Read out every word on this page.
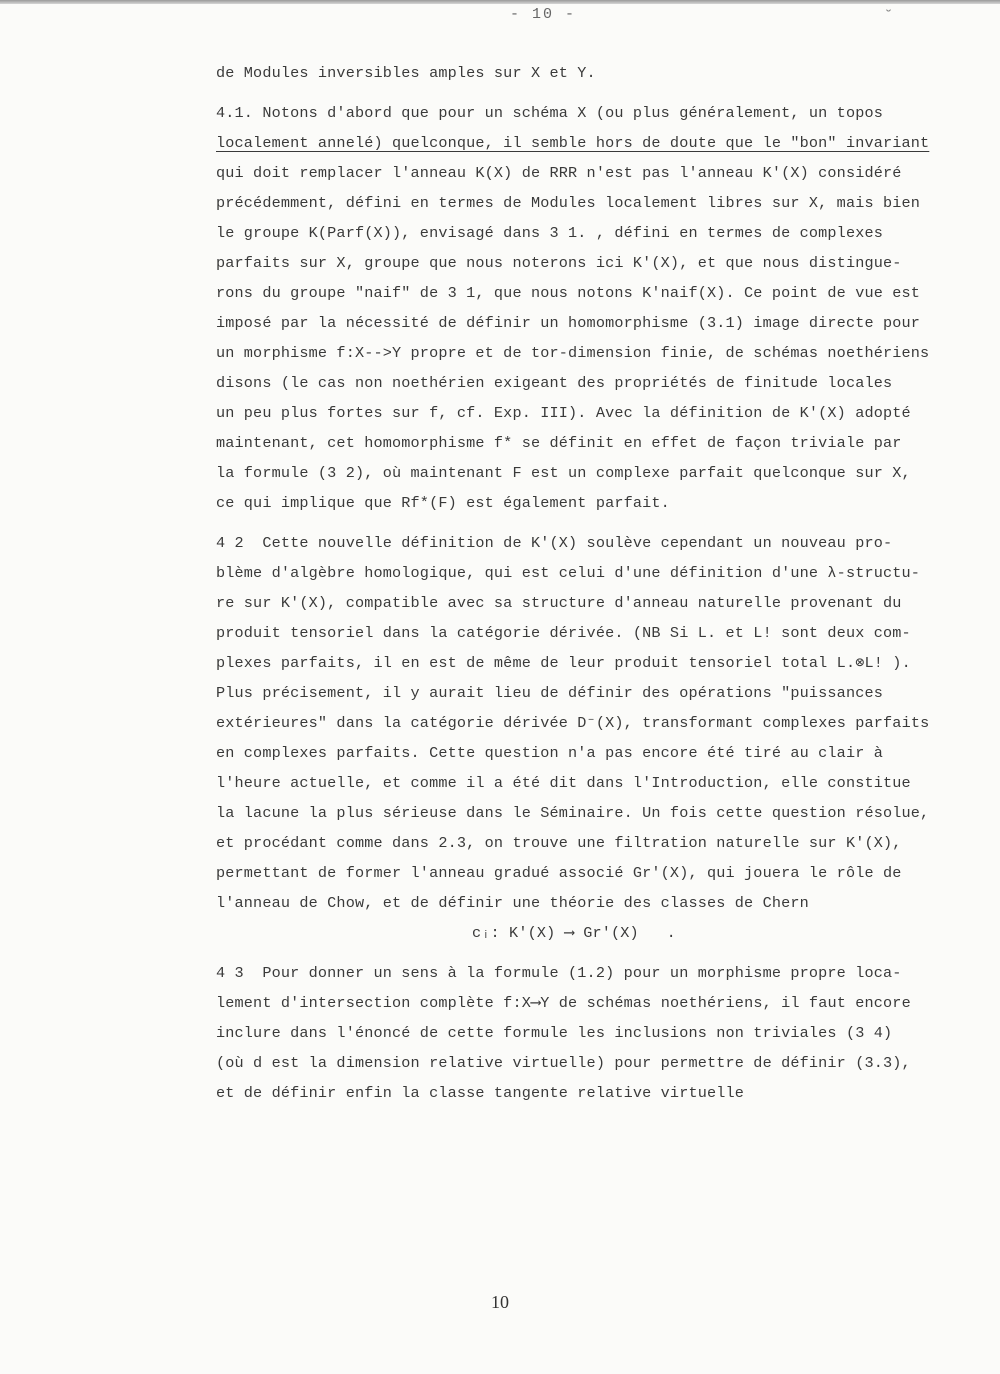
- 10 -	˘
de Modules inversibles amples sur X et Y.
4.1. Notons d'abord que pour un schéma X (ou plus généralement, un topos
localement annelé) quelconque, il semble hors de doute que le "bon" invariant
qui doit remplacer l'anneau K(X) de RRR n'est pas l'anneau K'(X) considéré
précédemment, défini en termes de Modules localement libres sur X, mais bien
le groupe K(Parf(X)), envisagé dans 3 1. , défini en termes de complexes
parfaits sur X, groupe que nous noterons ici K'(X), et que nous distingue-
rons du groupe "naif" de 3 1, que nous notons K'naif(X). Ce point de vue est
imposé par la nécessité de définir un homomorphisme (3.1) image directe pour
un morphisme f:X-->Y propre et de tor-dimension finie, de schémas noethériens
disons (le cas non noethérien exigeant des propriétés de finitude locales
un peu plus fortes sur f, cf. Exp. III). Avec la définition de K'(X) adopté
maintenant, cet homomorphisme f* se définit en effet de façon triviale par
la formule (3 2), où maintenant F est un complexe parfait quelconque sur X,
ce qui implique que Rf*(F) est également parfait.
4 2  Cette nouvelle définition de K'(X) soulève cependant un nouveau pro-
blème d'algèbre homologique, qui est celui d'une définition d'une λ-structu-
re sur K'(X), compatible avec sa structure d'anneau naturelle provenant du
produit tensoriel dans la catégorie dérivée. (NB Si L. et L! sont deux com-
plexes parfaits, il en est de même de leur produit tensoriel total L.⊗L! ).
Plus précisement, il y aurait lieu de définir des opérations "puissances
extérieures" dans la catégorie dérivée D⁻(X), transformant complexes parfaits
en complexes parfaits. Cette question n'a pas encore été tiré au clair à
l'heure actuelle, et comme il a été dit dans l'Introduction, elle constitue
la lacune la plus sérieuse dans le Séminaire. Un fois cette question résolue,
et procédant comme dans 2.3, on trouve une filtration naturelle sur K'(X),
permettant de former l'anneau gradué associé Gr'(X), qui jouera le rôle de
l'anneau de Chow, et de définir une théorie des classes de Chern
cᵢ: K'(X) ⟶ Gr'(X)   .
4 3  Pour donner un sens à la formule (1.2) pour un morphisme propre loca-
lement d'intersection complète f:X⟶Y de schémas noethériens, il faut encore
inclure dans l'énoncé de cette formule les inclusions non triviales (3 4)
(où d est la dimension relative virtuelle) pour permettre de définir (3.3),
et de définir enfin la classe tangente relative virtuelle
10
